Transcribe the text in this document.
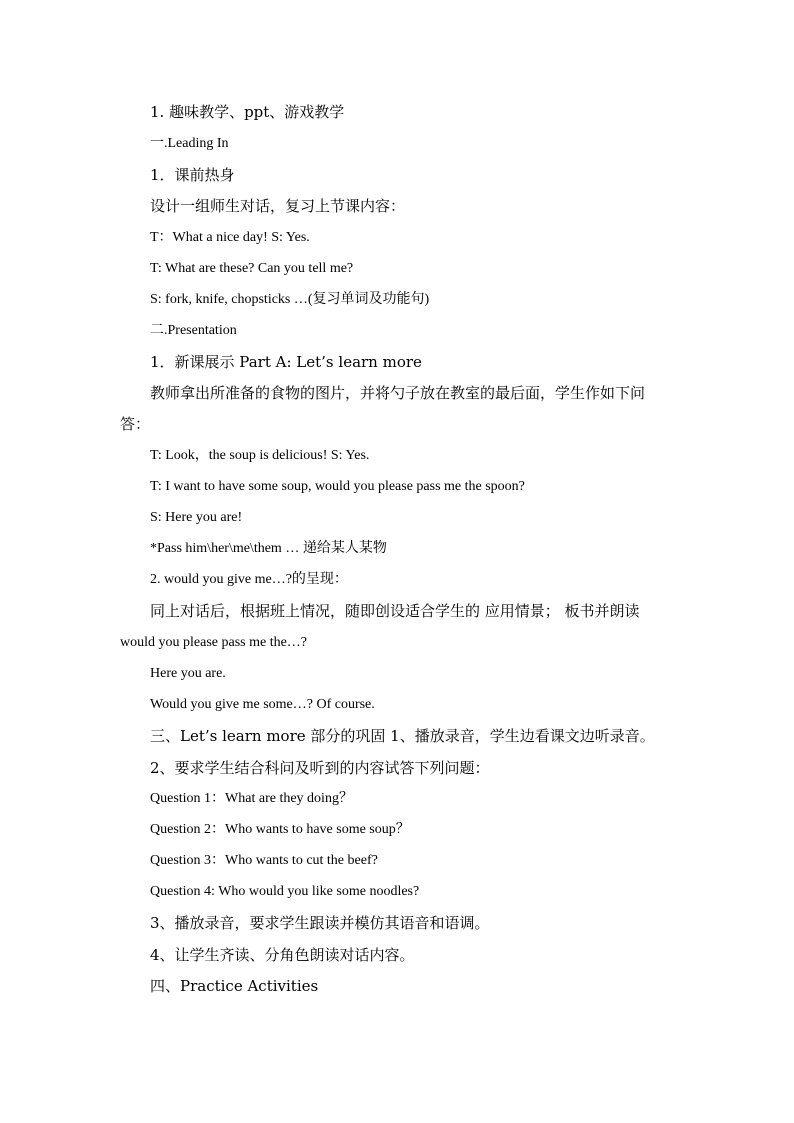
1. 趣味教学、ppt、游戏教学
一.Leading In
1．课前热身
设计一组师生对话，复习上节课内容：
T：What a nice day! S: Yes.
T: What are these? Can you tell me?
S: fork, knife, chopsticks …(复习单词及功能句)
二.Presentation
1．新课展示 Part A: Let’s learn more
教师拿出所准备的食物的图片，并将勺子放在教室的最后面，学生作如下问
答：
T: Look，the soup is delicious! S: Yes.
T: I want to have some soup, would you please pass me the spoon?
S: Here you are!
*Pass him\her\me\them … 递给某人某物
2. would you give me…?的呈现：
同上对话后，根据班上情况，随即创设适合学生的 应用情景； 板书并朗读
would you please pass me the…?
Here you are.
Would you give me some…? Of course.
三、Let’s learn more 部分的巩固 1、播放录音，学生边看课文边听录音。
2、要求学生结合科问及听到的内容试答下列问题：
Question 1：What are they doing？
Question 2：Who wants to have some soup？
Question 3：Who wants to cut the beef?
Question 4: Who would you like some noodles?
3、播放录音，要求学生跟读并模仿其语音和语调。
4、让学生齐读、分角色朗读对话内容。
四、Practice Activities
